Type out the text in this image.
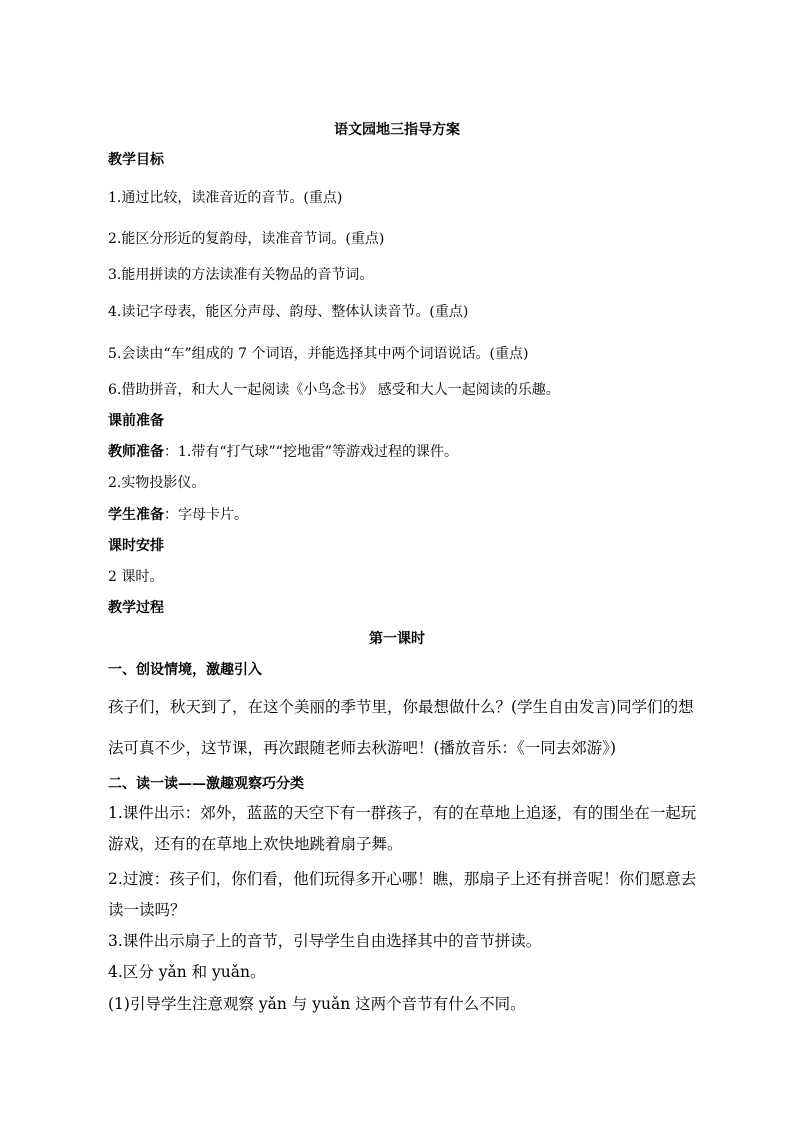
语文园地三指导方案
教学目标
1.通过比较，读准音近的音节。(重点)
2.能区分形近的复韵母，读准音节词。(重点)
3.能用拼读的方法读准有关物品的音节词。
4.读记字母表，能区分声母、韵母、整体认读音节。(重点)
5.会读由“车”组成的 7 个词语，并能选择其中两个词语说话。(重点)
6.借助拼音，和大人一起阅读《小鸟念书》 感受和大人一起阅读的乐趣。
课前准备
教师准备：1.带有“打气球”“挖地雷”等游戏过程的课件。
2.实物投影仪。
学生准备：字母卡片。
课时安排
2 课时。
教学过程
第一课时
一、创设情境，激趣引入
孩子们，秋天到了，在这个美丽的季节里，你最想做什么？(学生自由发言)同学们的想
法可真不少，这节课，再次跟随老师去秋游吧！(播放音乐：《一同去郊游》)
二、读一读——激趣观察巧分类
1.课件出示：郊外，蓝蓝的天空下有一群孩子，有的在草地上追逐，有的围坐在一起玩
游戏，还有的在草地上欢快地跳着扇子舞。
2.过渡：孩子们，你们看，他们玩得多开心哪！瞧，那扇子上还有拼音呢！你们愿意去
读一读吗？
3.课件出示扇子上的音节，引导学生自由选择其中的音节拼读。
4.区分 yǎn 和 yuǎn。
(1)引导学生注意观察 yǎn 与 yuǎn 这两个音节有什么不同。
